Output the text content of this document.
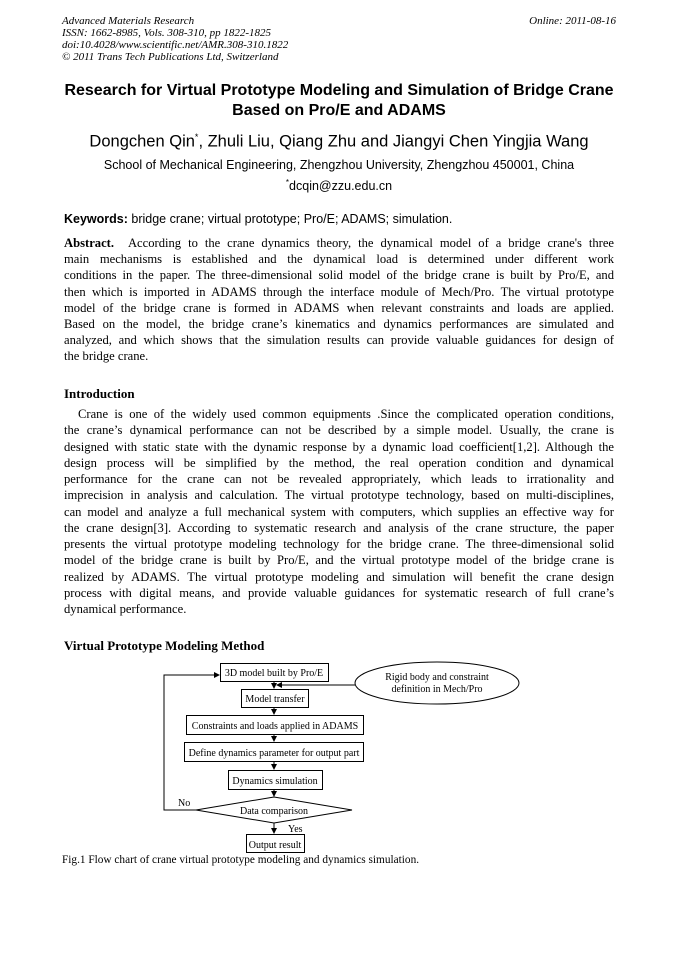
Advanced Materials Research
ISSN: 1662-8985, Vols. 308-310, pp 1822-1825
doi:10.4028/www.scientific.net/AMR.308-310.1822
© 2011 Trans Tech Publications Ltd, Switzerland
Online: 2011-08-16
Research for Virtual Prototype Modeling and Simulation of Bridge Crane
Based on Pro/E and ADAMS
Dongchen Qin*, Zhuli Liu, Qiang Zhu and Jiangyi Chen Yingjia Wang
School of Mechanical Engineering, Zhengzhou University, Zhengzhou 450001, China
*dcqin@zzu.edu.cn
Keywords: bridge crane; virtual prototype; Pro/E; ADAMS; simulation.
Abstract.  According to the crane dynamics theory, the dynamical model of a bridge crane's three
main mechanisms is established and the dynamical load is determined under different work
conditions in the paper. The three-dimensional solid model of the bridge crane is built by Pro/E, and
then which is imported in ADAMS through the interface module of Mech/Pro. The virtual prototype
model of the bridge crane is formed in ADAMS when relevant constraints and loads are applied.
Based on the model, the bridge crane’s kinematics and dynamics performances are simulated and
analyzed, and which shows that the simulation results can provide valuable guidances for design of
the bridge crane.
Introduction
Crane is one of the widely used common equipments .Since the complicated operation conditions,
the crane’s dynamical performance can not be described by a simple model. Usually, the crane is
designed with static state with the dynamic response by a dynamic load coefficient[1,2]. Although the
design process will be simplified by the method, the real operation condition and dynamical
performance for the crane can not be revealed appropriately, which leads to irrationality and
imprecision in analysis and calculation. The virtual prototype technology, based on multi-disciplines,
can model and analyze a full mechanical system with computers, which supplies an effective way for
the crane design[3]. According to systematic research and analysis of the crane structure, the paper
presents the virtual prototype modeling technology for the bridge crane. The three-dimensional solid
model of the bridge crane is built by Pro/E, and the virtual prototype model of the bridge crane is
realized by ADAMS. The virtual prototype modeling and simulation will benefit the crane design
process with digital means, and provide valuable guidances for systematic research of full crane’s
dynamical performance.
Virtual Prototype Modeling Method
3D model built by Pro/E	Rigid body and constraint
definition in Mech/Pro
Model transfer
Constraints and loads applied in ADAMS
Define dynamics parameter for output part
Dynamics simulation
Data comparison
Output result
No
Yes
Fig.1 Flow chart of crane virtual prototype modeling and dynamics simulation.
